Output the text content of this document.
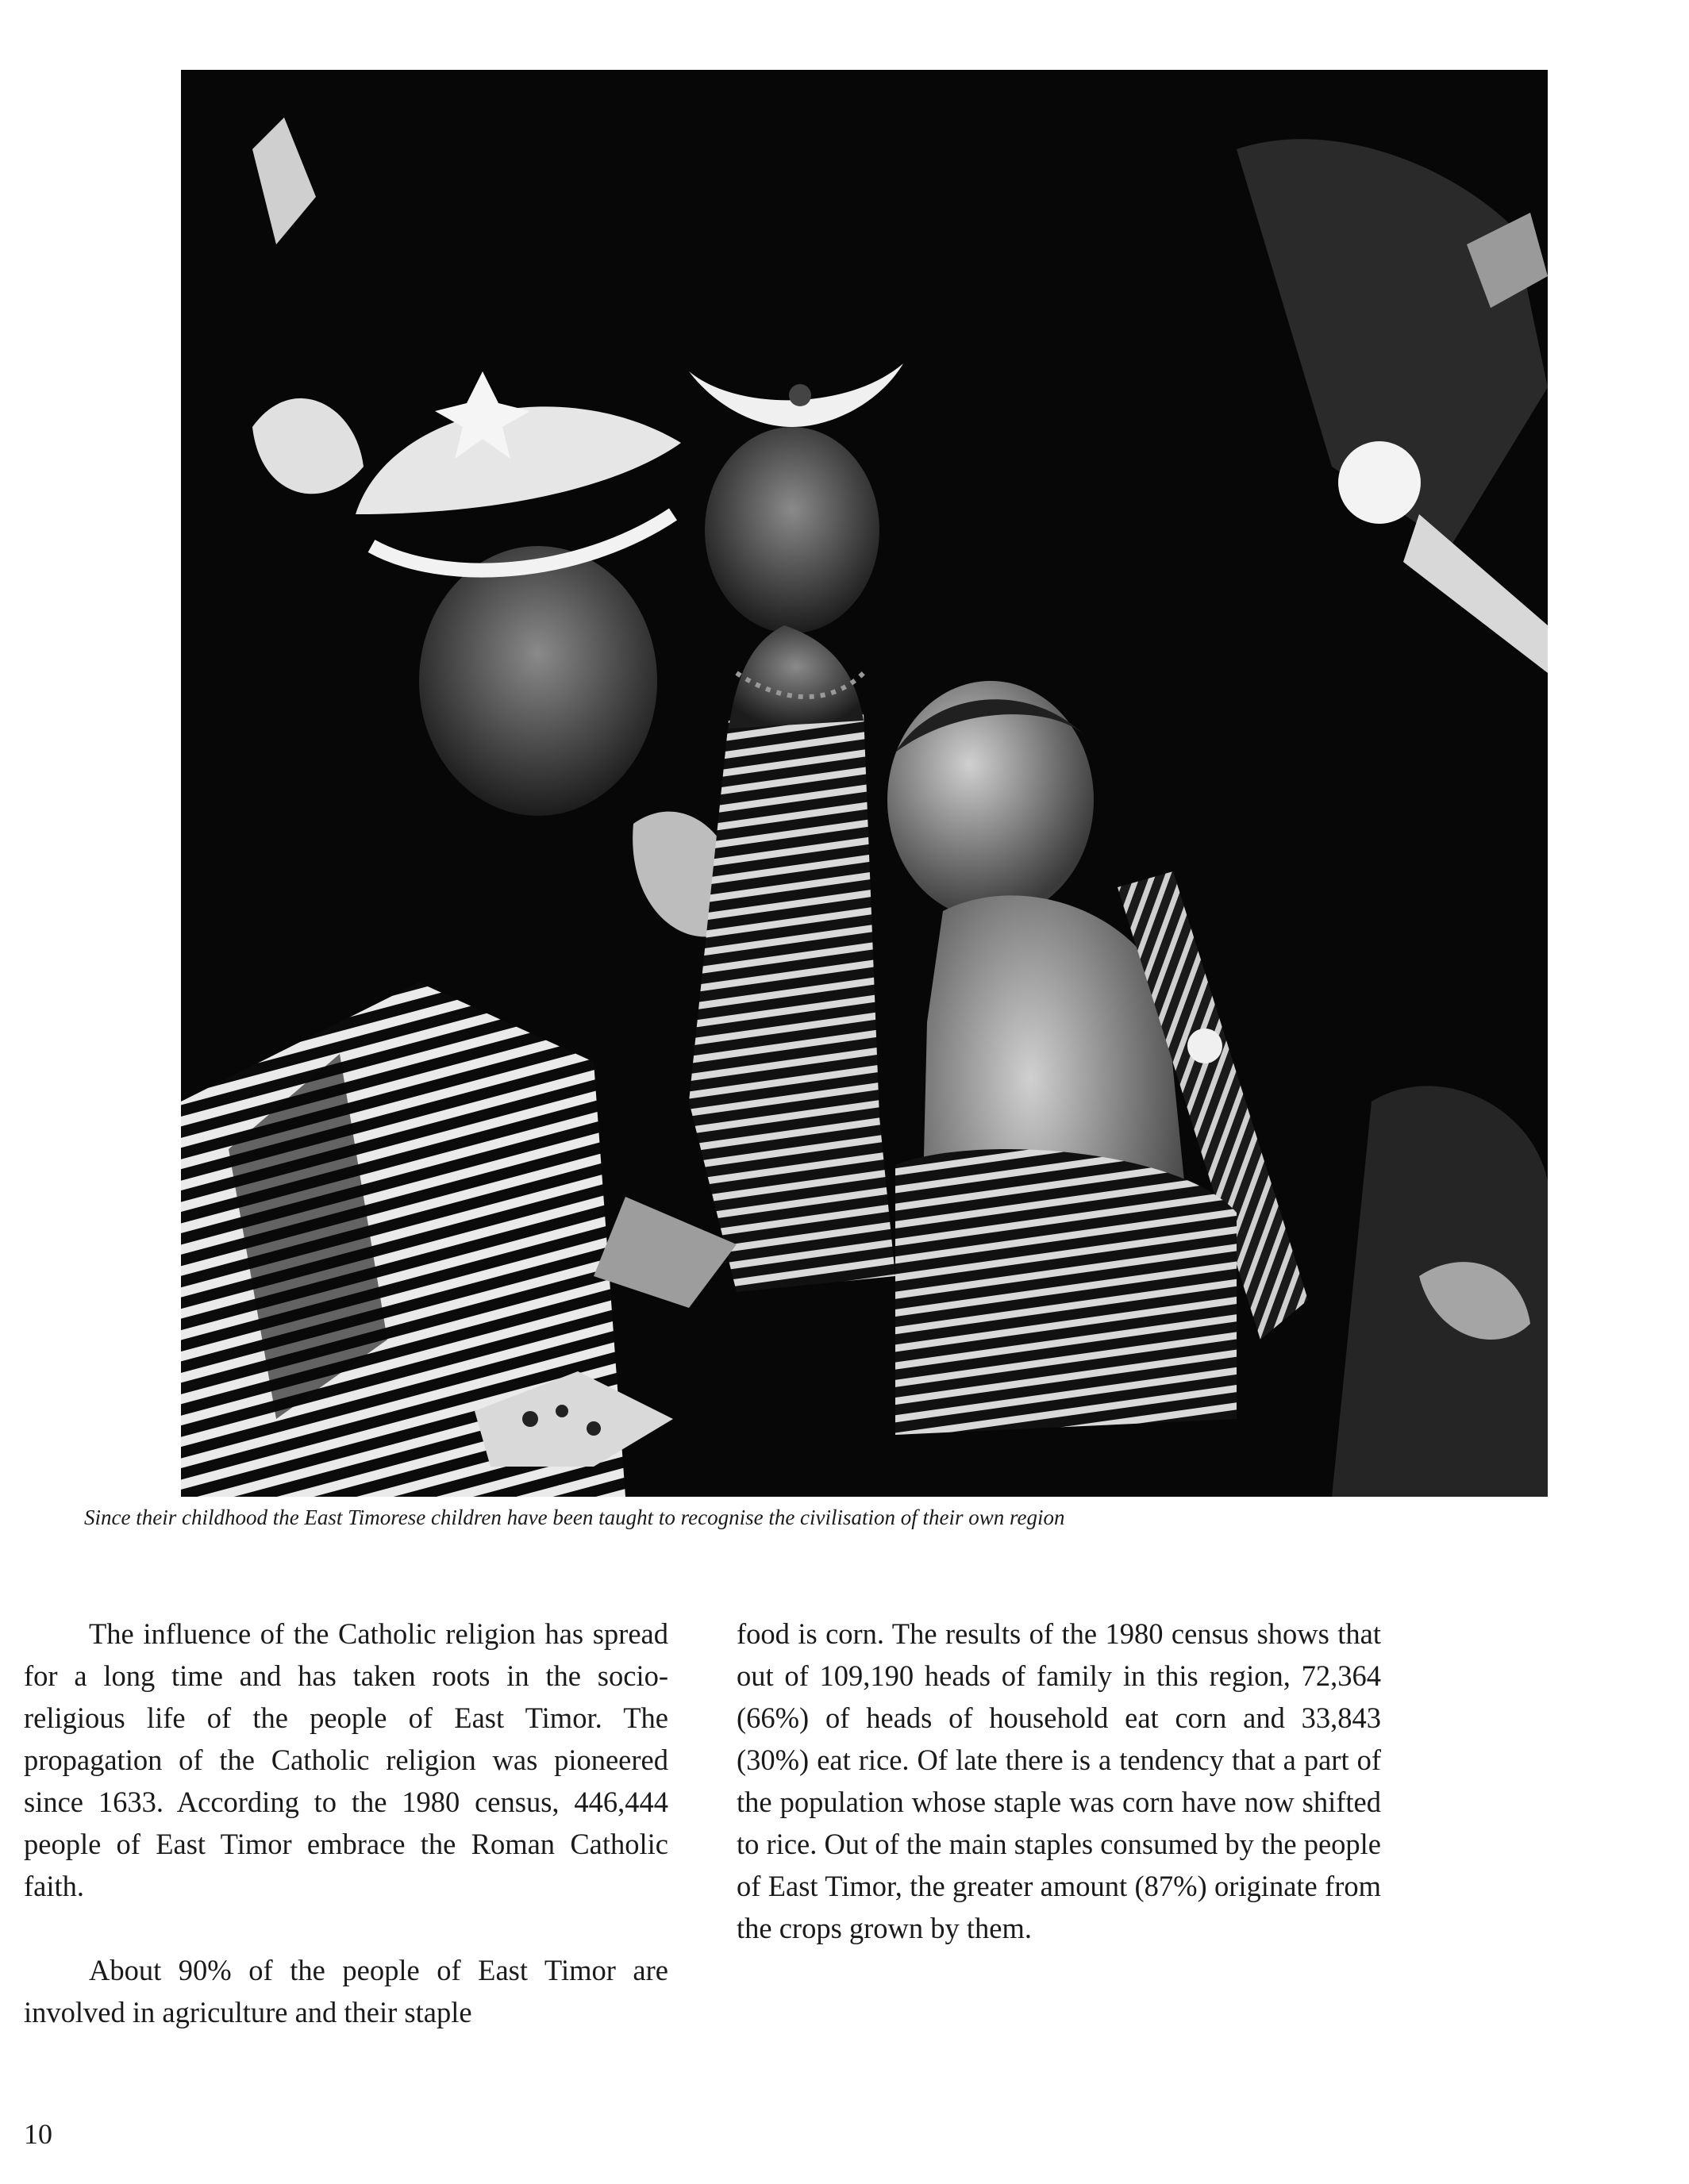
Since their childhood the East Timorese children have been taught to recognise the civilisation of their own region

The influence of the Catholic religion has spread for a long time and has taken roots in the socio-religious life of the people of East Timor. The propagation of the Catholic religion was pioneered since 1633. According to the 1980 census, 446,444 people of East Timor embrace the Roman Catholic faith.

About 90% of the people of East Timor are involved in agriculture and their staple

food is corn. The results of the 1980 census shows that out of 109,190 heads of family in this region, 72,364 (66%) of heads of household eat corn and 33,843 (30%) eat rice. Of late there is a tendency that a part of the population whose staple was corn have now shifted to rice. Out of the main staples consumed by the people of East Timor, the greater amount (87%) originate from the crops grown by them.

10
